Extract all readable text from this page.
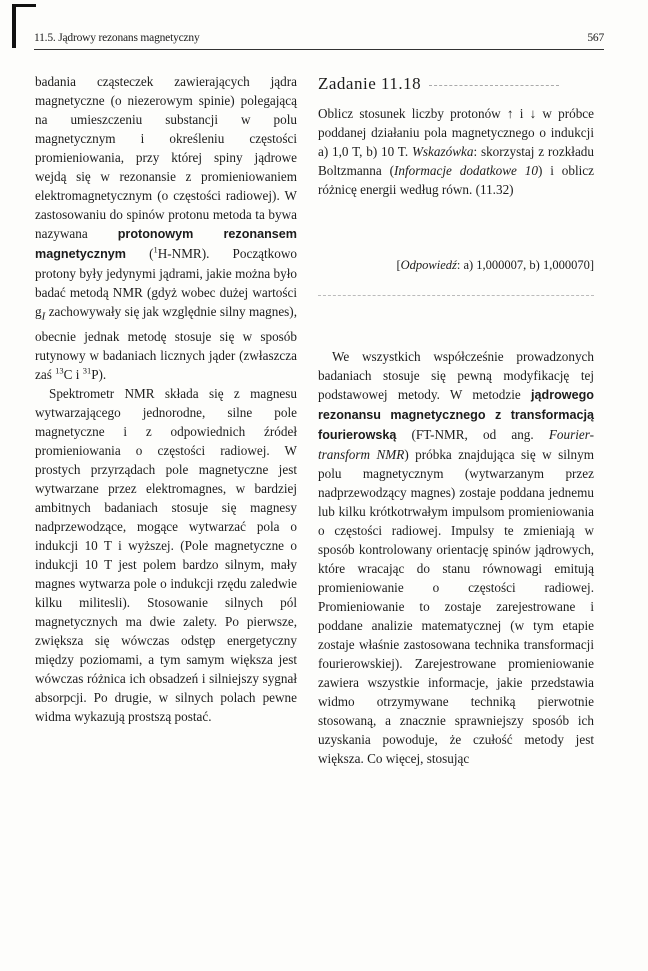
11.5. Jądrowy rezonans magnetyczny	567

badania cząsteczek zawierających jądra magnetyczne (o niezerowym spinie) polegającą na umieszczeniu substancji w polu magnetycznym i określeniu częstości promieniowania, przy której spiny jądrowe wejdą się w rezonansie z promieniowaniem elektromagnetycznym (o częstości radiowej). W zastosowaniu do spinów protonu metoda ta bywa nazywana protonowym rezonansem magnetycznym ($^1$H-NMR). Początkowo protony były jedynymi jądrami, jakie można było badać metodą NMR (gdyż wobec dużej wartości $g_I$ zachowywały się jak względnie silny magnes), obecnie jednak metodę stosuje się w sposób rutynowy w badaniach licznych jąder (zwłaszcza zaś $^{13}$C i $^{31}$P).

Spektrometr NMR składa się z magnesu wytwarzającego jednorodne, silne pole magnetyczne i z odpowiednich źródeł promieniowania o częstości radiowej. W prostych przyrządach pole magnetyczne jest wytwarzane przez elektromagnes, w bardziej ambitnych badaniach stosuje się magnesy nadprzewodzące, mogące wytwarzać pola o indukcji 10 T i wyższej. (Pole magnetyczne o indukcji 10 T jest polem bardzo silnym, mały magnes wytwarza pole o indukcji rzędu zaledwie kilku militesli). Stosowanie silnych pól magnetycznych ma dwie zalety. Po pierwsze, zwiększa się wówczas odstęp energetyczny między poziomami, a tym samym większa jest wówczas różnica ich obsadzeń i silniejszy sygnał absorpcji. Po drugie, w silnych polach pewne widma wykazują prostszą postać.

Zadanie 11.18

Oblicz stosunek liczby protonów ↑ i ↓ w próbce poddanej działaniu pola magnetycznego o indukcji a) 1,0 T, b) 10 T. Wskazówka: skorzystaj z rozkładu Boltzmanna (Informacje dodatkowe 10) i oblicz różnicę energii według równ. (11.32)

[Odpowiedź: a) 1,000007, b) 1,000070]

We wszystkich współcześnie prowadzonych badaniach stosuje się pewną modyfikację tej podstawowej metody. W metodzie jądrowego rezonansu magnetycznego z transformacją fourierowską (FT-NMR, od ang. Fourier-transform NMR) próbka znajdująca się w silnym polu magnetycznym (wytwarzanym przez nadprzewodzący magnes) zostaje poddana jednemu lub kilku krótkotrwałym impulsom promieniowania o częstości radiowej. Impulsy te zmieniają w sposób kontrolowany orientację spinów jądrowych, które wracając do stanu równowagi emitują promieniowanie o częstości radiowej. Promieniowanie to zostaje zarejestrowane i poddane analizie matematycznej (w tym etapie zostaje właśnie zastosowana technika transformacji fourierowskiej). Zarejestrowane promieniowanie zawiera wszystkie informacje, jakie przedstawia widmo otrzymywane techniką pierwotnie stosowaną, a znacznie sprawniejszy sposób ich uzyskania powoduje, że czułość metody jest większa. Co więcej, stosując
